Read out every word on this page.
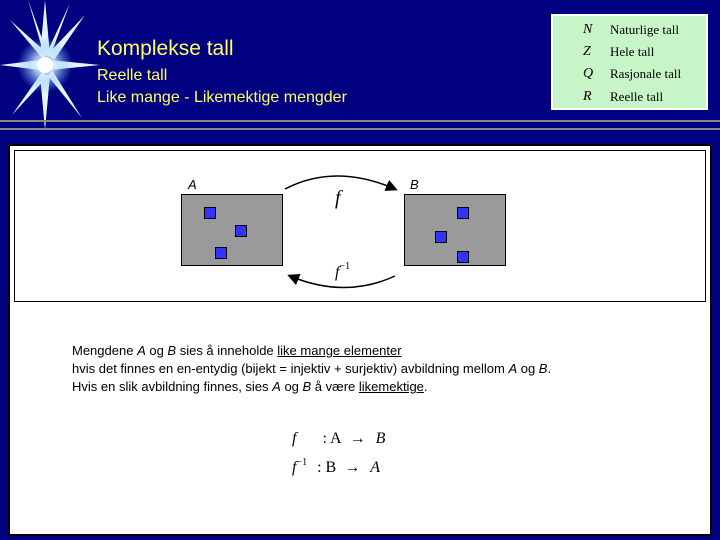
Komplekse tall
Reelle tall
Like mange - Likemektige mengder
N Naturlige tall
Z Hele tall
Q Rasjonale tall
R Reelle tall
A	B
f
$f^{-1}$
Mengdene A og B sies å inneholde like mange elementer
hvis det finnes en en-entydig (bijekt = injektiv + surjektiv) avbildning mellom A og B.
Hvis en slik avbildning finnes, sies A og B å være likemektige.
f : A → B
$f^{-1}$ : B → A
